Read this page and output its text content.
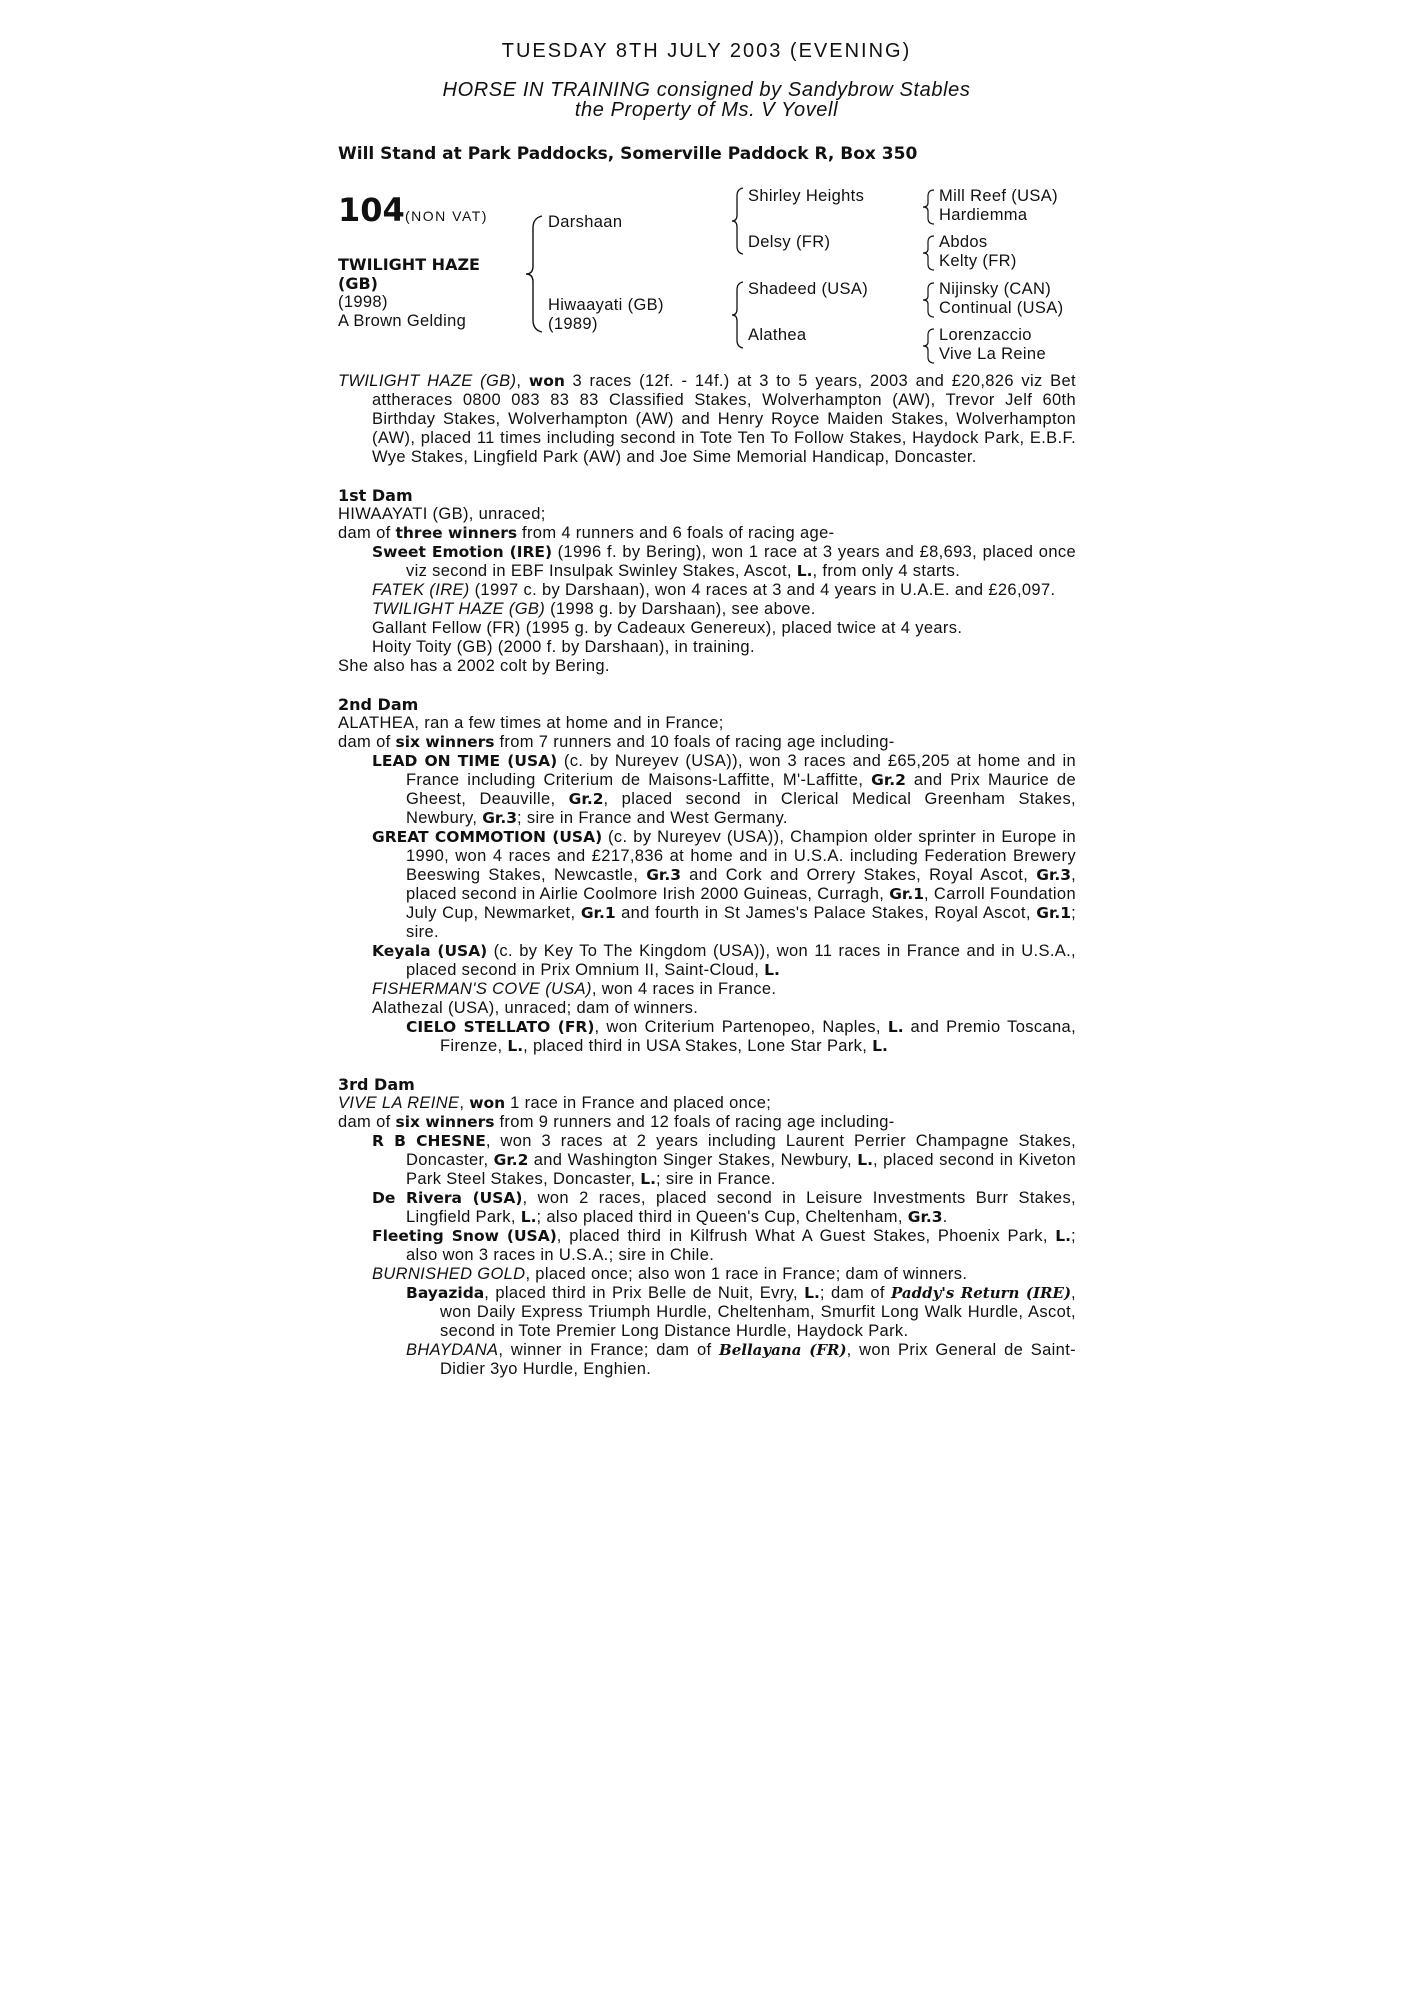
TUESDAY 8TH JULY 2003 (EVENING)
HORSE IN TRAINING consigned by Sandybrow Stables
the Property of Ms. V Yovell
Will Stand at Park Paddocks, Somerville Paddock R, Box 350
104 (NON VAT)
TWILIGHT HAZE (GB)
(1998)
A Brown Gelding
Darshaan
Hiwaayati (GB)
(1989)
Shirley Heights
Delsy (FR)
Shadeed (USA)
Alathea
Mill Reef (USA)
Hardiemma
Abdos
Kelty (FR)
Nijinsky (CAN)
Continual (USA)
Lorenzaccio
Vive La Reine

TWILIGHT HAZE (GB), won 3 races (12f. - 14f.) at 3 to 5 years, 2003 and £20,826 viz Bet attheraces 0800 083 83 83 Classified Stakes, Wolverhampton (AW), Trevor Jelf 60th Birthday Stakes, Wolverhampton (AW) and Henry Royce Maiden Stakes, Wolverhampton (AW), placed 11 times including second in Tote Ten To Follow Stakes, Haydock Park, E.B.F. Wye Stakes, Lingfield Park (AW) and Joe Sime Memorial Handicap, Doncaster.

1st Dam

HIWAAYATI (GB), unraced;

dam of three winners from 4 runners and 6 foals of racing age-

Sweet Emotion (IRE) (1996 f. by Bering), won 1 race at 3 years and £8,693, placed once viz second in EBF Insulpak Swinley Stakes, Ascot, L., from only 4 starts.

FATEK (IRE) (1997 c. by Darshaan), won 4 races at 3 and 4 years in U.A.E. and £26,097.

TWILIGHT HAZE (GB) (1998 g. by Darshaan), see above.

Gallant Fellow (FR) (1995 g. by Cadeaux Genereux), placed twice at 4 years.

Hoity Toity (GB) (2000 f. by Darshaan), in training.

She also has a 2002 colt by Bering.

2nd Dam

ALATHEA, ran a few times at home and in France;

dam of six winners from 7 runners and 10 foals of racing age including-

LEAD ON TIME (USA) (c. by Nureyev (USA)), won 3 races and £65,205 at home and in France including Criterium de Maisons-Laffitte, M'-Laffitte, Gr.2 and Prix Maurice de Gheest, Deauville, Gr.2, placed second in Clerical Medical Greenham Stakes, Newbury, Gr.3; sire in France and West Germany.

GREAT COMMOTION (USA) (c. by Nureyev (USA)), Champion older sprinter in Europe in 1990, won 4 races and £217,836 at home and in U.S.A. including Federation Brewery Beeswing Stakes, Newcastle, Gr.3 and Cork and Orrery Stakes, Royal Ascot, Gr.3, placed second in Airlie Coolmore Irish 2000 Guineas, Curragh, Gr.1, Carroll Foundation July Cup, Newmarket, Gr.1 and fourth in St James's Palace Stakes, Royal Ascot, Gr.1; sire.

Keyala (USA) (c. by Key To The Kingdom (USA)), won 11 races in France and in U.S.A., placed second in Prix Omnium II, Saint-Cloud, L.

FISHERMAN'S COVE (USA), won 4 races in France.

Alathezal (USA), unraced; dam of winners.

CIELO STELLATO (FR), won Criterium Partenopeo, Naples, L. and Premio Toscana, Firenze, L., placed third in USA Stakes, Lone Star Park, L.

3rd Dam

VIVE LA REINE, won 1 race in France and placed once;

dam of six winners from 9 runners and 12 foals of racing age including-

R B CHESNE, won 3 races at 2 years including Laurent Perrier Champagne Stakes, Doncaster, Gr.2 and Washington Singer Stakes, Newbury, L., placed second in Kiveton Park Steel Stakes, Doncaster, L.; sire in France.

De Rivera (USA), won 2 races, placed second in Leisure Investments Burr Stakes, Lingfield Park, L.; also placed third in Queen's Cup, Cheltenham, Gr.3.

Fleeting Snow (USA), placed third in Kilfrush What A Guest Stakes, Phoenix Park, L.; also won 3 races in U.S.A.; sire in Chile.

BURNISHED GOLD, placed once; also won 1 race in France; dam of winners.

Bayazida, placed third in Prix Belle de Nuit, Evry, L.; dam of Paddy's Return (IRE), won Daily Express Triumph Hurdle, Cheltenham, Smurfit Long Walk Hurdle, Ascot, second in Tote Premier Long Distance Hurdle, Haydock Park.

BHAYDANA, winner in France; dam of Bellayana (FR), won Prix General de Saint-Didier 3yo Hurdle, Enghien.
